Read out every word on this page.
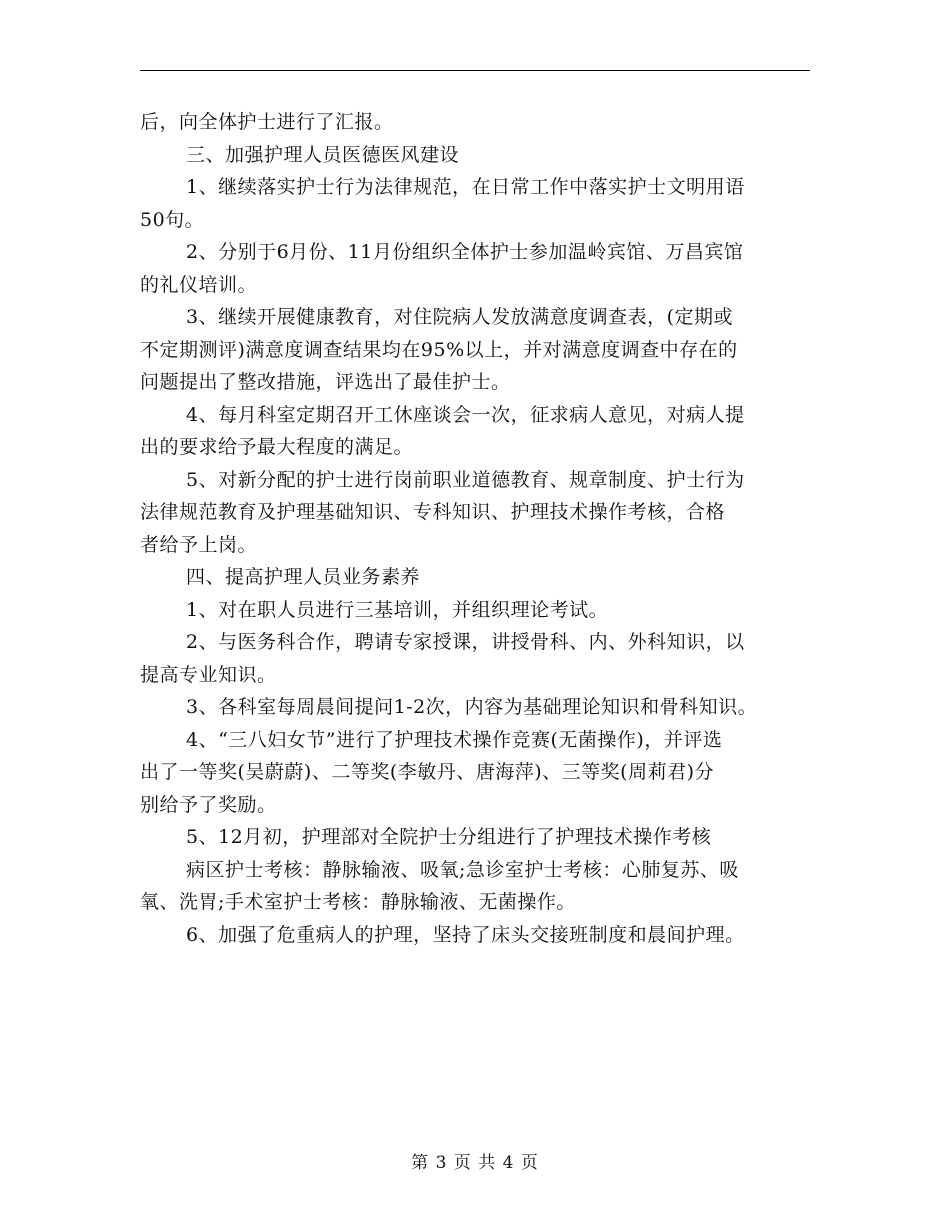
后，向全体护士进行了汇报。
三、加强护理人员医德医风建设
1、继续落实护士行为法律规范，在日常工作中落实护士文明用语
50句。
2、分别于6月份、11月份组织全体护士参加温岭宾馆、万昌宾馆
的礼仪培训。
3、继续开展健康教育，对住院病人发放满意度调查表，(定期或
不定期测评)满意度调查结果均在95%以上，并对满意度调查中存在的
问题提出了整改措施，评选出了最佳护士。
4、每月科室定期召开工休座谈会一次，征求病人意见，对病人提
出的要求给予最大程度的满足。
5、对新分配的护士进行岗前职业道德教育、规章制度、护士行为
法律规范教育及护理基础知识、专科知识、护理技术操作考核，合格
者给予上岗。
四、提高护理人员业务素养
1、对在职人员进行三基培训，并组织理论考试。
2、与医务科合作，聘请专家授课，讲授骨科、内、外科知识，以
提高专业知识。
3、各科室每周晨间提问1-2次，内容为基础理论知识和骨科知识。
4、“三八妇女节”进行了护理技术操作竞赛(无菌操作)，并评选
出了一等奖(吴蔚蔚)、二等奖(李敏丹、唐海萍)、三等奖(周莉君)分
别给予了奖励。
5、12月初，护理部对全院护士分组进行了护理技术操作考核
病区护士考核：静脉输液、吸氧;急诊室护士考核：心肺复苏、吸
氧、洗胃;手术室护士考核：静脉输液、无菌操作。
6、加强了危重病人的护理，坚持了床头交接班制度和晨间护理。
第 3 页 共 4 页
